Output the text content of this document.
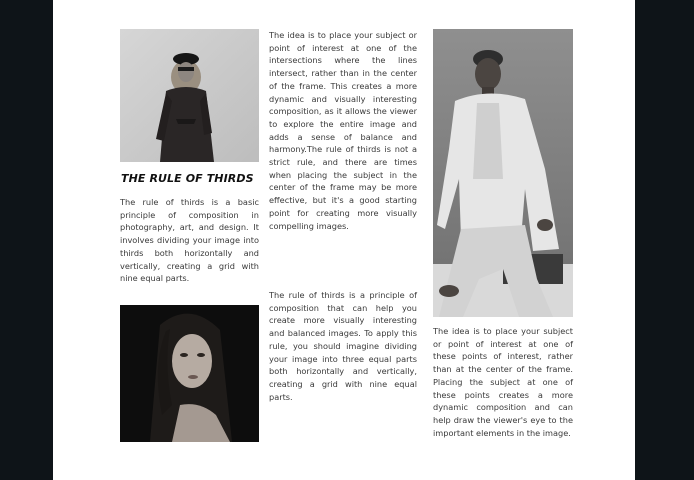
THE RULE OF THIRDS

The rule of thirds is a basic principle of composition in photography, art, and design. It involves dividing your image into thirds both horizontally and vertically, creating a grid with nine equal parts.

The idea is to place your subject or point of interest at one of the intersections where the lines intersect, rather than in the center of the frame. This creates a more dynamic and visually interesting composition, as it allows the viewer to explore the entire image and adds a sense of balance and harmony.The rule of thirds is not a strict rule, and there are times when placing the subject in the center of the frame may be more effective, but it's a good starting point for creating more visually compelling images.

The rule of thirds is a principle of composition that can help you create more visually interesting and balanced images. To apply this rule, you should imagine dividing your image into three equal parts both horizontally and vertically, creating a grid with nine equal parts.

The idea is to place your subject or point of interest at one of these points of interest, rather than at the center of the frame. Placing the subject at one of these points creates a more dynamic composition and can help draw the viewer's eye to the important elements in the image.
